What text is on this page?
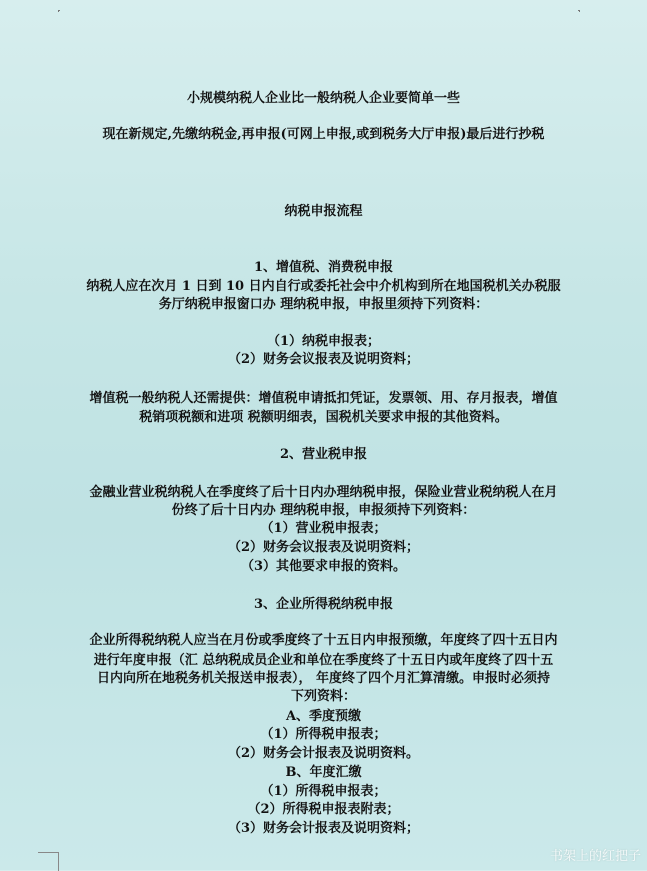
小规模纳税人企业比一般纳税人企业要简单一些
现在新规定,先缴纳税金,再申报(可网上申报,或到税务大厅申报)最后进行抄税
纳税申报流程
1、增值税、消费税申报
纳税人应在次月 1 日到 10 日内自行或委托社会中介机构到所在地国税机关办税服
务厅纳税申报窗口办 理纳税申报，申报里须持下列资料：
（1）纳税申报表；
（2）财务会议报表及说明资料；
增值税一般纳税人还需提供：增值税申请抵扣凭证，发票领、用、存月报表，增值
税销项税额和进项 税额明细表，国税机关要求申报的其他资料。
2、营业税申报
金融业营业税纳税人在季度终了后十日内办理纳税申报，保险业营业税纳税人在月
份终了后十日内办 理纳税申报，申报须持下列资料：
（1）营业税申报表；
（2）财务会议报表及说明资料；
（3）其他要求申报的资料。
3、企业所得税纳税申报
企业所得税纳税人应当在月份或季度终了十五日内申报预缴，年度终了四十五日内
进行年度申报（汇 总纳税成员企业和单位在季度终了十五日内或年度终了四十五
日内向所在地税务机关报送申报表）， 年度终了四个月汇算清缴。申报时必须持
下列资料：
A、季度预缴
（1）所得税申报表；
（2）财务会计报表及说明资料。
B、年度汇缴
（1）所得税申报表；
（2）所得税申报表附表；
（3）财务会计报表及说明资料；
书架上的红把子
